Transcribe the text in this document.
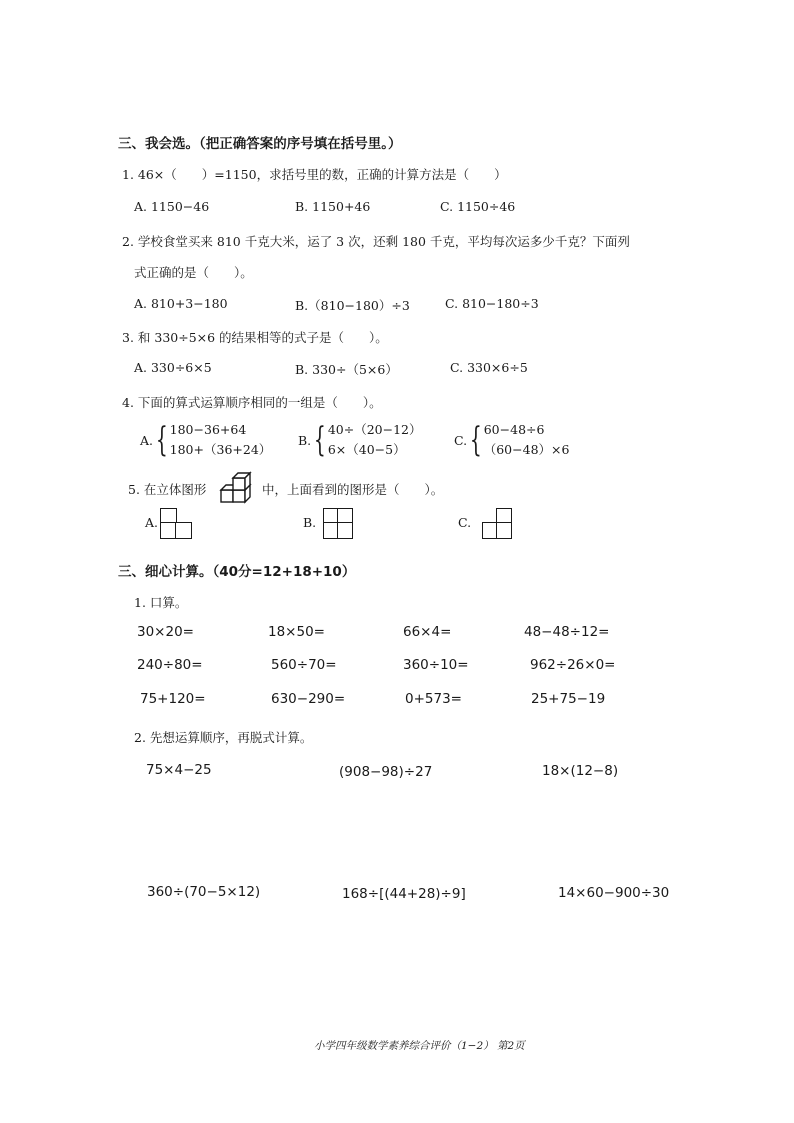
三、我会选。（把正确答案的序号填在括号里。）
1. 46×（　　）=1150，求括号里的数，正确的计算方法是（　　）
A. 1150−46	B. 1150+46	C. 1150÷46
2. 学校食堂买来 810 千克大米，运了 3 次，还剩 180 千克，平均每次运多少千克？下面列
式正确的是（　　）。
A. 810+3−180	B.（810−180）÷3	C. 810−180÷3
3. 和 330÷5×6 的结果相等的式子是（　　）。
A. 330÷6×5	B. 330÷（5×6）	C. 330×6÷5
4. 下面的算式运算顺序相同的一组是（　　）。
A. { 180−36+64
180+（36+24）
B. { 40÷（20−12）
6×（40−5）
C. { 60−48÷6
（60−48）×6
5. 在立体图形	中，上面看到的图形是（　　）。
A.	B.	C.
三、细心计算。（40分=12+18+10）
1. 口算。
30×20=	18×50=	66×4=	48−48÷12=
240÷80=	560÷70=	360÷10=	962÷26×0=
75+120=	630−290=	0+573=	25+75−19
2. 先想运算顺序，再脱式计算。
75×4−25	(908−98)÷27	18×(12−8)
360÷(70−5×12)	168÷[(44+28)÷9]	14×60−900÷30
小学四年级数学素养综合评价（1−2） 第2页
